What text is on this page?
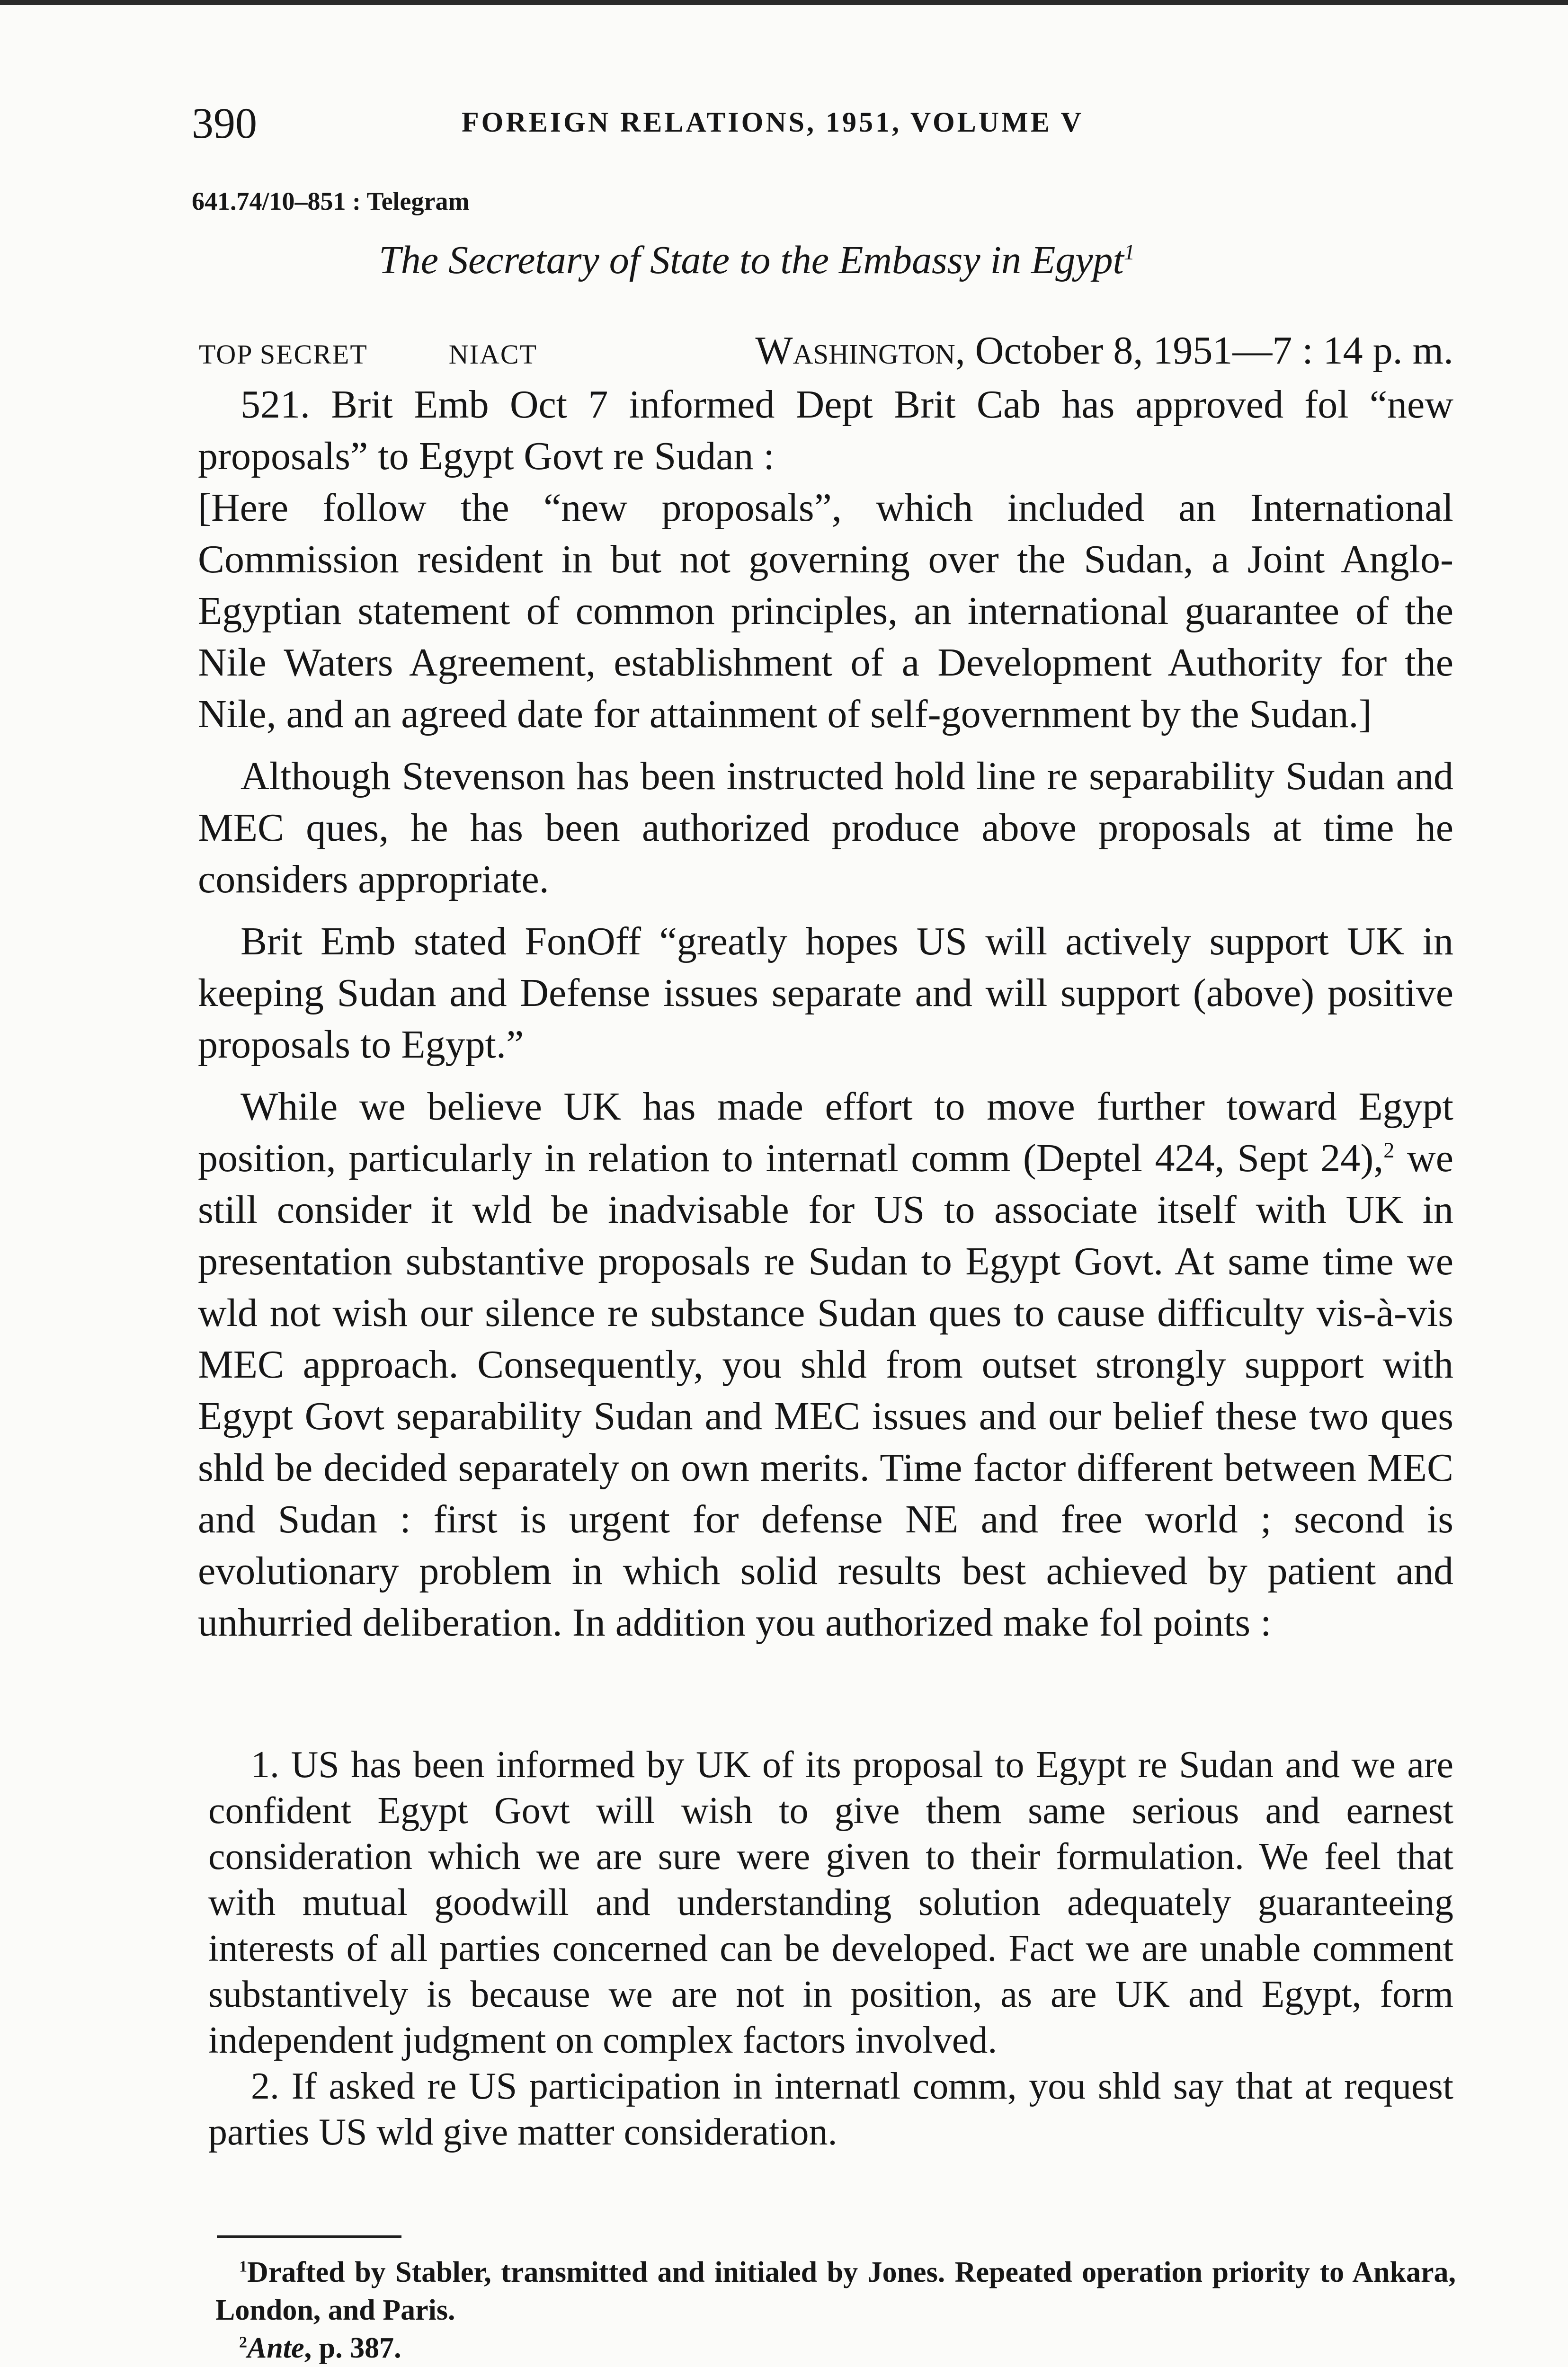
390	FOREIGN RELATIONS, 1951, VOLUME V
641.74/10–851 : Telegram
The Secretary of State to the Embassy in Egypt$^1$
TOP SECRET	NIACT	Washington, October 8, 1951—7 : 14 p. m.

521. Brit Emb Oct 7 informed Dept Brit Cab has approved fol “new proposals” to Egypt Govt re Sudan :

[Here follow the “new proposals”, which included an International Commission resident in but not governing over the Sudan, a Joint Anglo-Egyptian statement of common principles, an international guarantee of the Nile Waters Agreement, establishment of a Development Authority for the Nile, and an agreed date for attainment of self-government by the Sudan.]

Although Stevenson has been instructed hold line re separability Sudan and MEC ques, he has been authorized produce above proposals at time he considers appropriate.

Brit Emb stated FonOff “greatly hopes US will actively support UK in keeping Sudan and Defense issues separate and will support (above) positive proposals to Egypt.”

While we believe UK has made effort to move further toward Egypt position, particularly in relation to internatl comm (Deptel 424, Sept 24),$^2$ we still consider it wld be inadvisable for US to associate itself with UK in presentation substantive proposals re Sudan to Egypt Govt. At same time we wld not wish our silence re substance Sudan ques to cause difficulty vis-à-vis MEC approach. Consequently, you shld from outset strongly support with Egypt Govt separability Sudan and MEC issues and our belief these two ques shld be decided separately on own merits. Time factor different between MEC and Sudan : first is urgent for defense NE and free world ; second is evolutionary problem in which solid results best achieved by patient and unhurried deliberation. In addition you authorized make fol points :

1. US has been informed by UK of its proposal to Egypt re Sudan and we are confident Egypt Govt will wish to give them same serious and earnest consideration which we are sure were given to their formulation. We feel that with mutual goodwill and understanding solution adequately guaranteeing interests of all parties concerned can be developed. Fact we are unable comment substantively is because we are not in position, as are UK and Egypt, form independent judgment on complex factors involved.

2. If asked re US participation in internatl comm, you shld say that at request parties US wld give matter consideration.

$^1$Drafted by Stabler, transmitted and initialed by Jones. Repeated operation priority to Ankara, London, and Paris.

$^2$Ante, p. 387.
